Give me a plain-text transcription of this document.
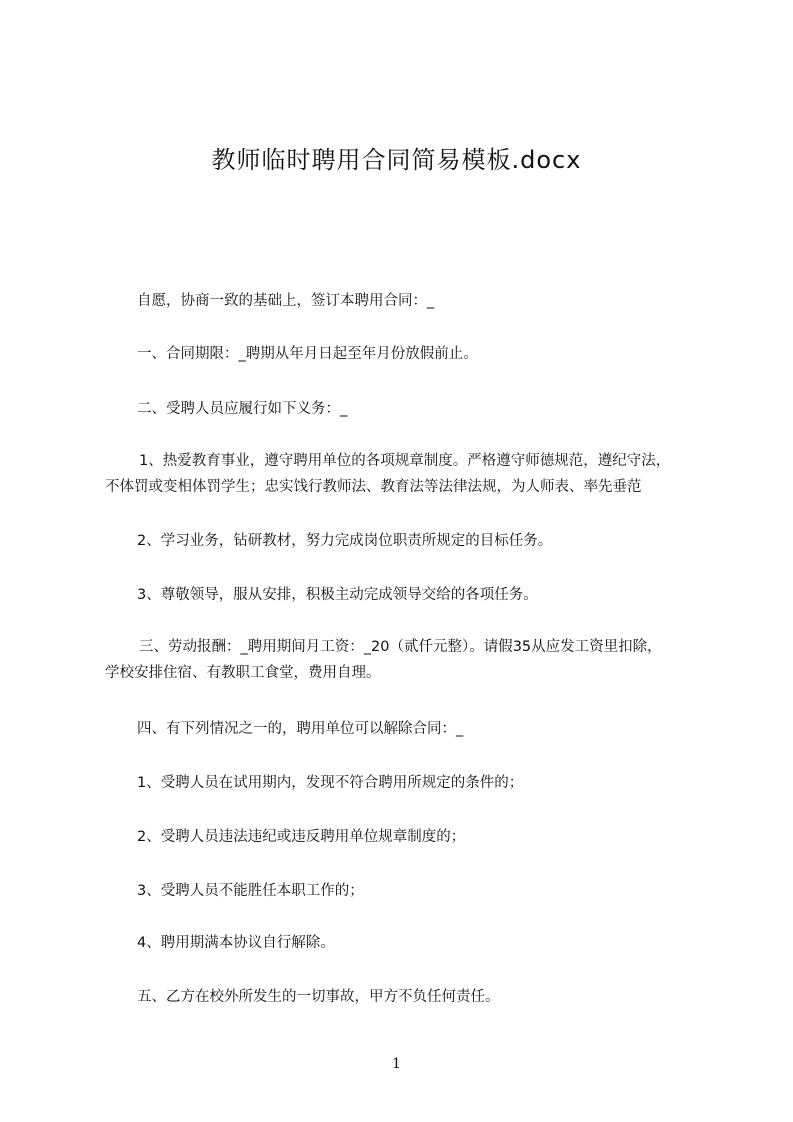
教师临时聘用合同简易模板.docx
自愿，协商一致的基础上，签订本聘用合同：_
一、合同期限：_聘期从年月日起至年月份放假前止。
二、受聘人员应履行如下义务：_
1、热爱教育事业，遵守聘用单位的各项规章制度。严格遵守师德规范，遵纪守法，
不体罚或变相体罚学生；忠实饯行教师法、教育法等法律法规，为人师表、率先垂范
2、学习业务，钻研教材，努力完成岗位职责所规定的目标任务。
3、尊敬领导，服从安排，积极主动完成领导交给的各项任务。
三、劳动报酬：_聘用期间月工资：_20（贰仟元整）。请假35从应发工资里扣除，
学校安排住宿、有教职工食堂，费用自理。
四、有下列情况之一的，聘用单位可以解除合同：_
1、受聘人员在试用期内，发现不符合聘用所规定的条件的；
2、受聘人员违法违纪或违反聘用单位规章制度的；
3、受聘人员不能胜任本职工作的；
4、聘用期满本协议自行解除。
五、乙方在校外所发生的一切事故，甲方不负任何责任。
1
